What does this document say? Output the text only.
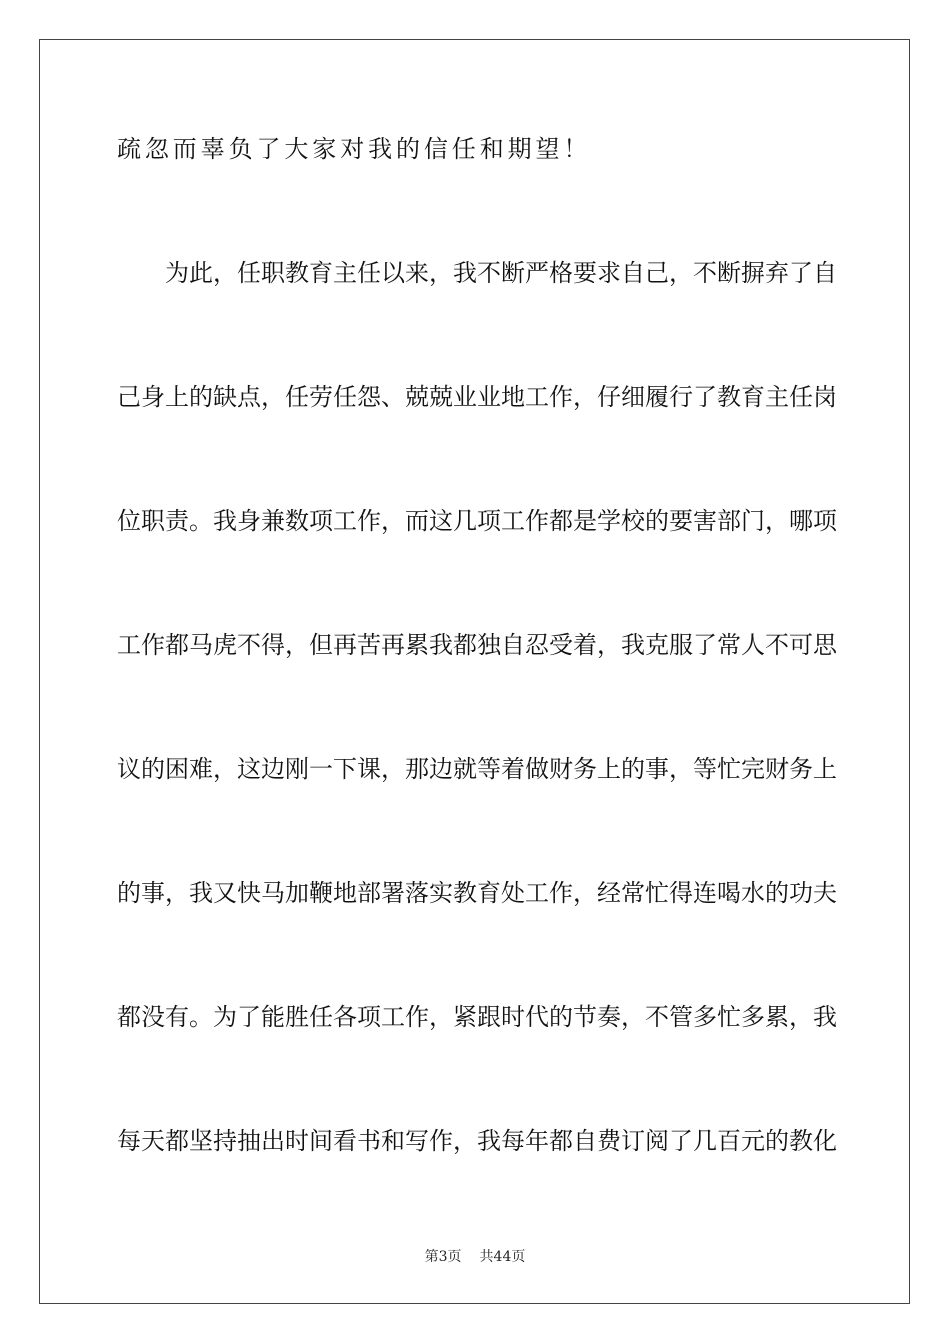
疏忽而辜负了大家对我的信任和期望！
为此，任职教育主任以来，我不断严格要求自己，不断摒弃了自
己身上的缺点，任劳任怨、兢兢业业地工作，仔细履行了教育主任岗
位职责。我身兼数项工作，而这几项工作都是学校的要害部门，哪项
工作都马虎不得，但再苦再累我都独自忍受着，我克服了常人不可思
议的困难，这边刚一下课，那边就等着做财务上的事，等忙完财务上
的事，我又快马加鞭地部署落实教育处工作，经常忙得连喝水的功夫
都没有。为了能胜任各项工作，紧跟时代的节奏，不管多忙多累，我
每天都坚持抽出时间看书和写作，我每年都自费订阅了几百元的教化
第3页 共44页
